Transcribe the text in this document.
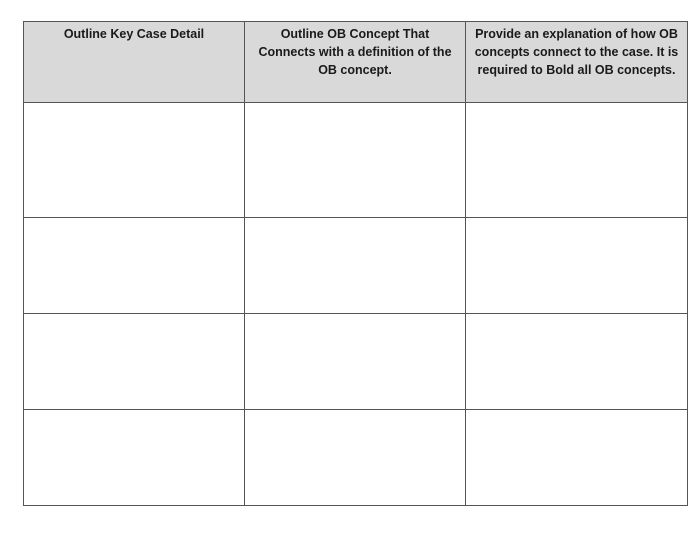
Outline Key Case Detail	Outline OB Concept That Connects with a definition of the OB concept.	Provide an explanation of how OB concepts connect to the case. It is required to Bold all OB concepts.
